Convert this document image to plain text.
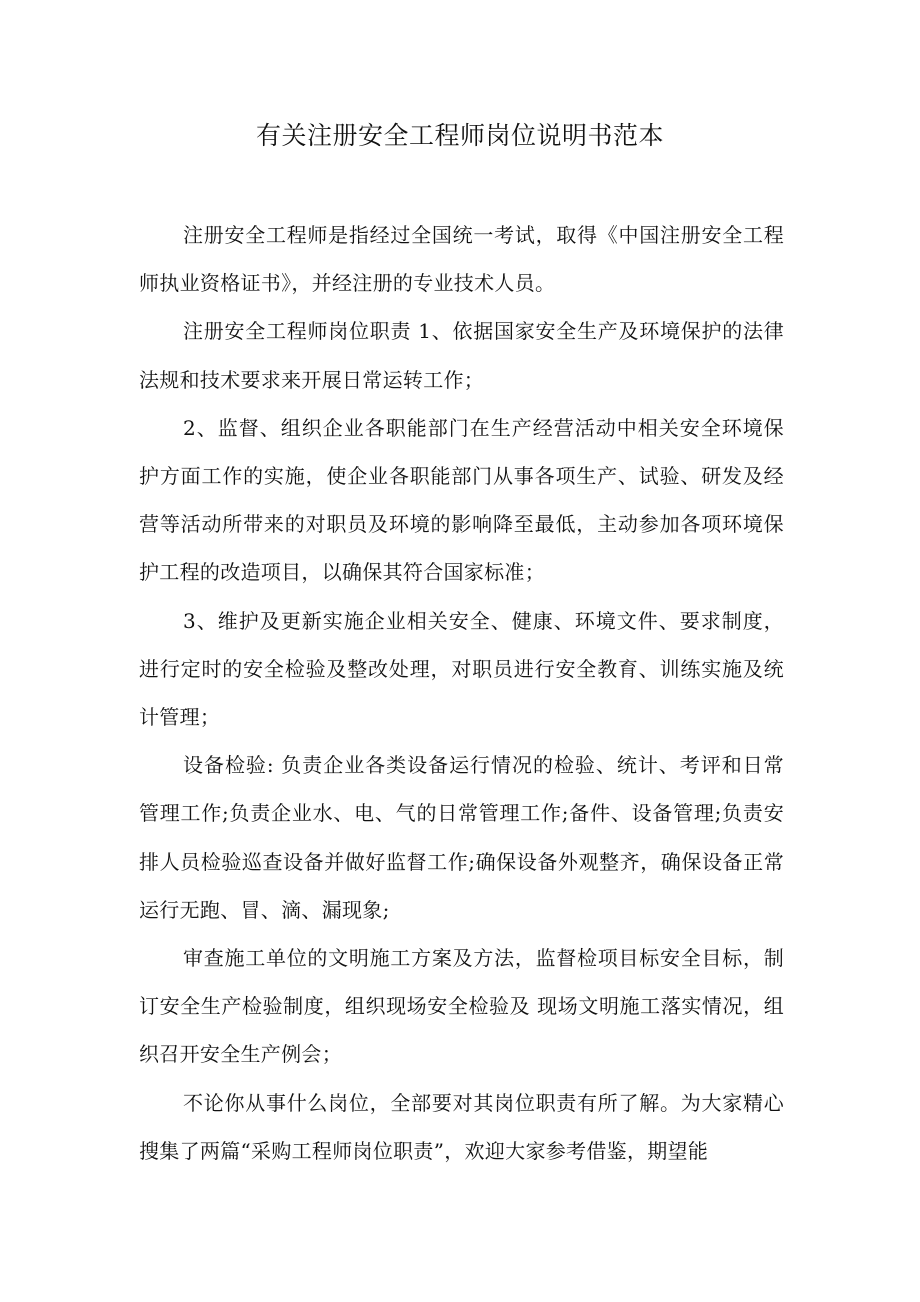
有关注册安全工程师岗位说明书范本

注册安全工程师是指经过全国统一考试，取得《中国注册安全工程师执业资格证书》，并经注册的专业技术人员。

注册安全工程师岗位职责 1、依据国家安全生产及环境保护的法律法规和技术要求来开展日常运转工作；

2、监督、组织企业各职能部门在生产经营活动中相关安全环境保护方面工作的实施，使企业各职能部门从事各项生产、试验、研发及经营等活动所带来的对职员及环境的影响降至最低，主动参加各项环境保护工程的改造项目，以确保其符合国家标准；

3、维护及更新实施企业相关安全、健康、环境文件、要求制度，进行定时的安全检验及整改处理，对职员进行安全教育、训练实施及统计管理；

设备检验: 负责企业各类设备运行情况的检验、统计、考评和日常管理工作;负责企业水、电、气的日常管理工作;备件、设备管理;负责安排人员检验巡查设备并做好监督工作;确保设备外观整齐，确保设备正常运行无跑、冒、滴、漏现象;

审查施工单位的文明施工方案及方法，监督检项目标安全目标，制订安全生产检验制度，组织现场安全检验及 现场文明施工落实情况，组织召开安全生产例会；

不论你从事什么岗位，全部要对其岗位职责有所了解。为大家精心搜集了两篇“采购工程师岗位职责”，欢迎大家参考借鉴，期望能
